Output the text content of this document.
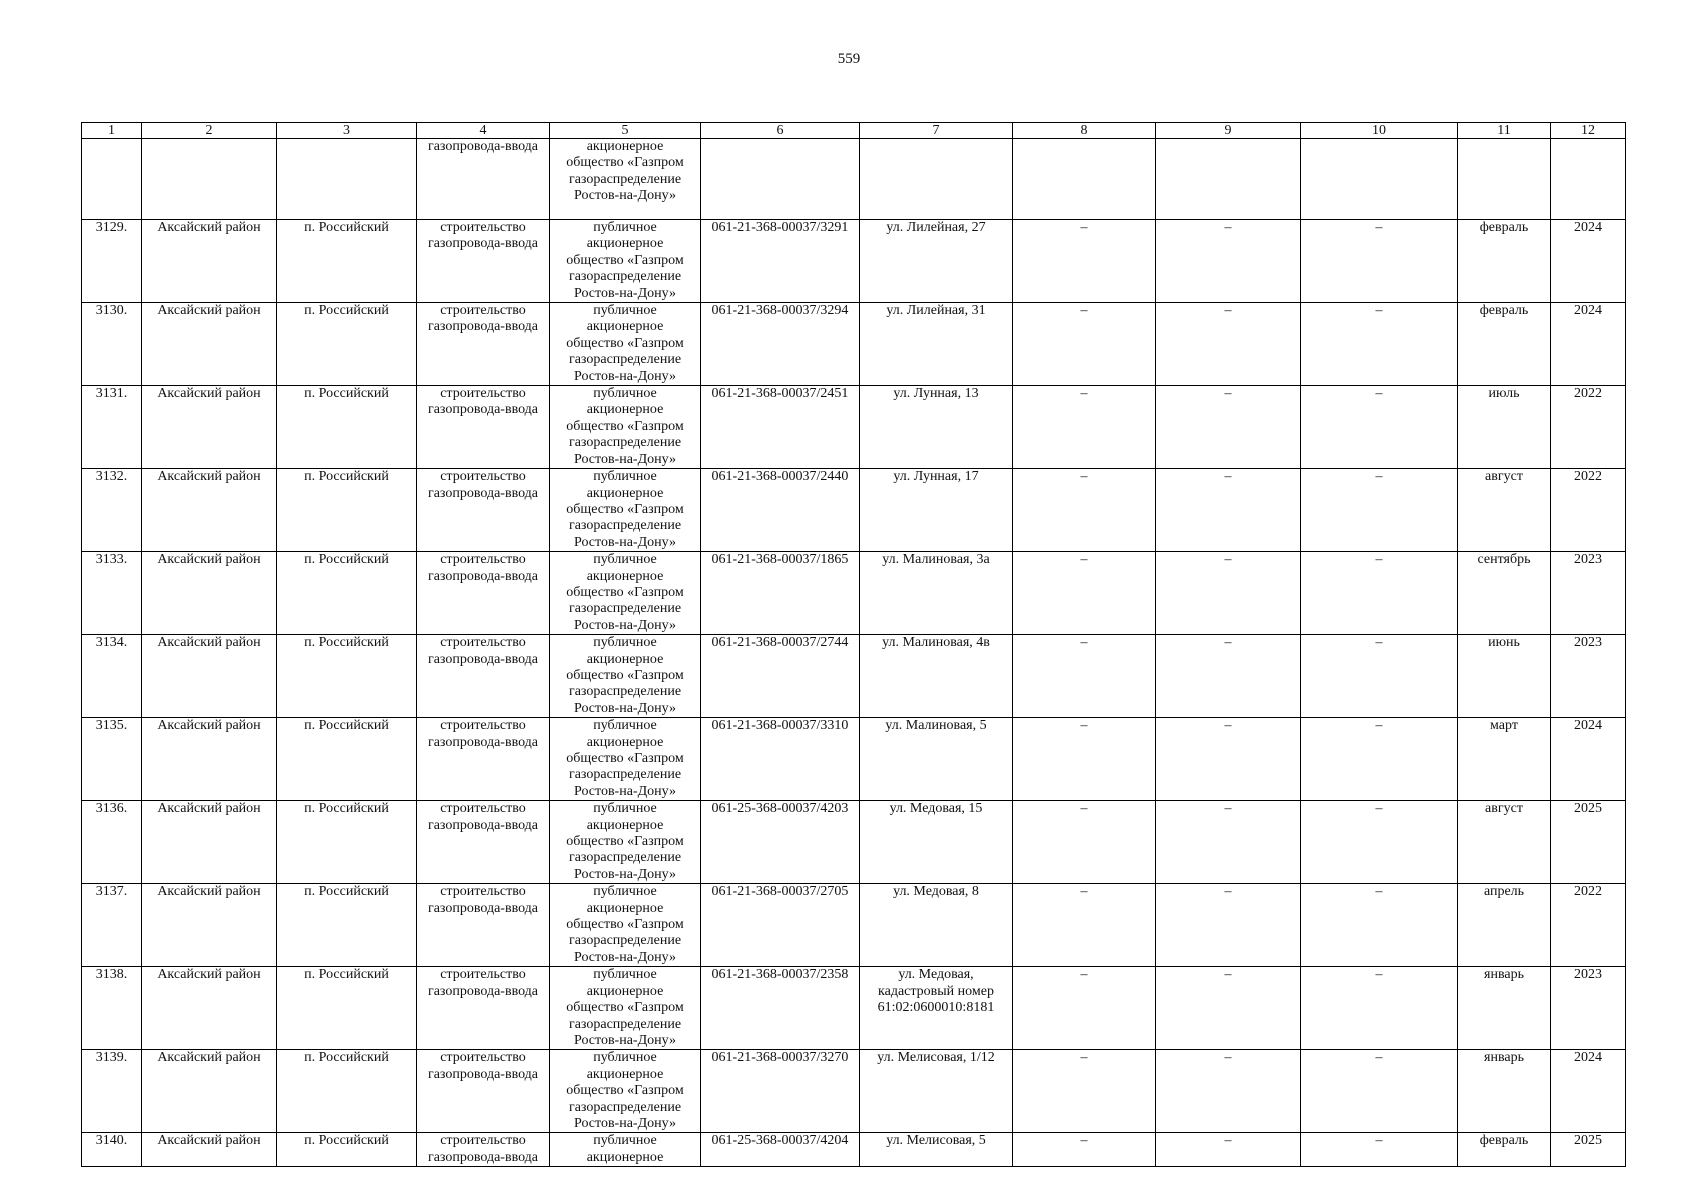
559
1	2	3	4	5	6	7	8	9	10	11	12

			газопровода-ввода	акционерное
общество «Газпром
газораспределение
Ростов-на-Дону»							

3129.	Аксайский район	п. Российский	строительство
газопровода-ввода	публичное
акционерное
общество «Газпром
газораспределение
Ростов-на-Дону»	061-21-368-00037/3291	ул. Лилейная, 27	–	–	–	февраль	2024

3130.	Аксайский район	п. Российский	строительство
газопровода-ввода	публичное
акционерное
общество «Газпром
газораспределение
Ростов-на-Дону»	061-21-368-00037/3294	ул. Лилейная, 31	–	–	–	февраль	2024

3131.	Аксайский район	п. Российский	строительство
газопровода-ввода	публичное
акционерное
общество «Газпром
газораспределение
Ростов-на-Дону»	061-21-368-00037/2451	ул. Лунная, 13	–	–	–	июль	2022

3132.	Аксайский район	п. Российский	строительство
газопровода-ввода	публичное
акционерное
общество «Газпром
газораспределение
Ростов-на-Дону»	061-21-368-00037/2440	ул. Лунная, 17	–	–	–	август	2022

3133.	Аксайский район	п. Российский	строительство
газопровода-ввода	публичное
акционерное
общество «Газпром
газораспределение
Ростов-на-Дону»	061-21-368-00037/1865	ул. Малиновая, 3а	–	–	–	сентябрь	2023

3134.	Аксайский район	п. Российский	строительство
газопровода-ввода	публичное
акционерное
общество «Газпром
газораспределение
Ростов-на-Дону»	061-21-368-00037/2744	ул. Малиновая, 4в	–	–	–	июнь	2023

3135.	Аксайский район	п. Российский	строительство
газопровода-ввода	публичное
акционерное
общество «Газпром
газораспределение
Ростов-на-Дону»	061-21-368-00037/3310	ул. Малиновая, 5	–	–	–	март	2024

3136.	Аксайский район	п. Российский	строительство
газопровода-ввода	публичное
акционерное
общество «Газпром
газораспределение
Ростов-на-Дону»	061-25-368-00037/4203	ул. Медовая, 15	–	–	–	август	2025

3137.	Аксайский район	п. Российский	строительство
газопровода-ввода	публичное
акционерное
общество «Газпром
газораспределение
Ростов-на-Дону»	061-21-368-00037/2705	ул. Медовая, 8	–	–	–	апрель	2022

3138.	Аксайский район	п. Российский	строительство
газопровода-ввода	публичное
акционерное
общество «Газпром
газораспределение
Ростов-на-Дону»	061-21-368-00037/2358	ул. Медовая,
кадастровый номер
61:02:0600010:8181	–	–	–	январь	2023

3139.	Аксайский район	п. Российский	строительство
газопровода-ввода	публичное
акционерное
общество «Газпром
газораспределение
Ростов-на-Дону»	061-21-368-00037/3270	ул. Мелисовая, 1/12	–	–	–	январь	2024

3140.	Аксайский район	п. Российский	строительство
газопровода-ввода	публичное
акционерное	061-25-368-00037/4204	ул. Мелисовая, 5	–	–	–	февраль	2025
